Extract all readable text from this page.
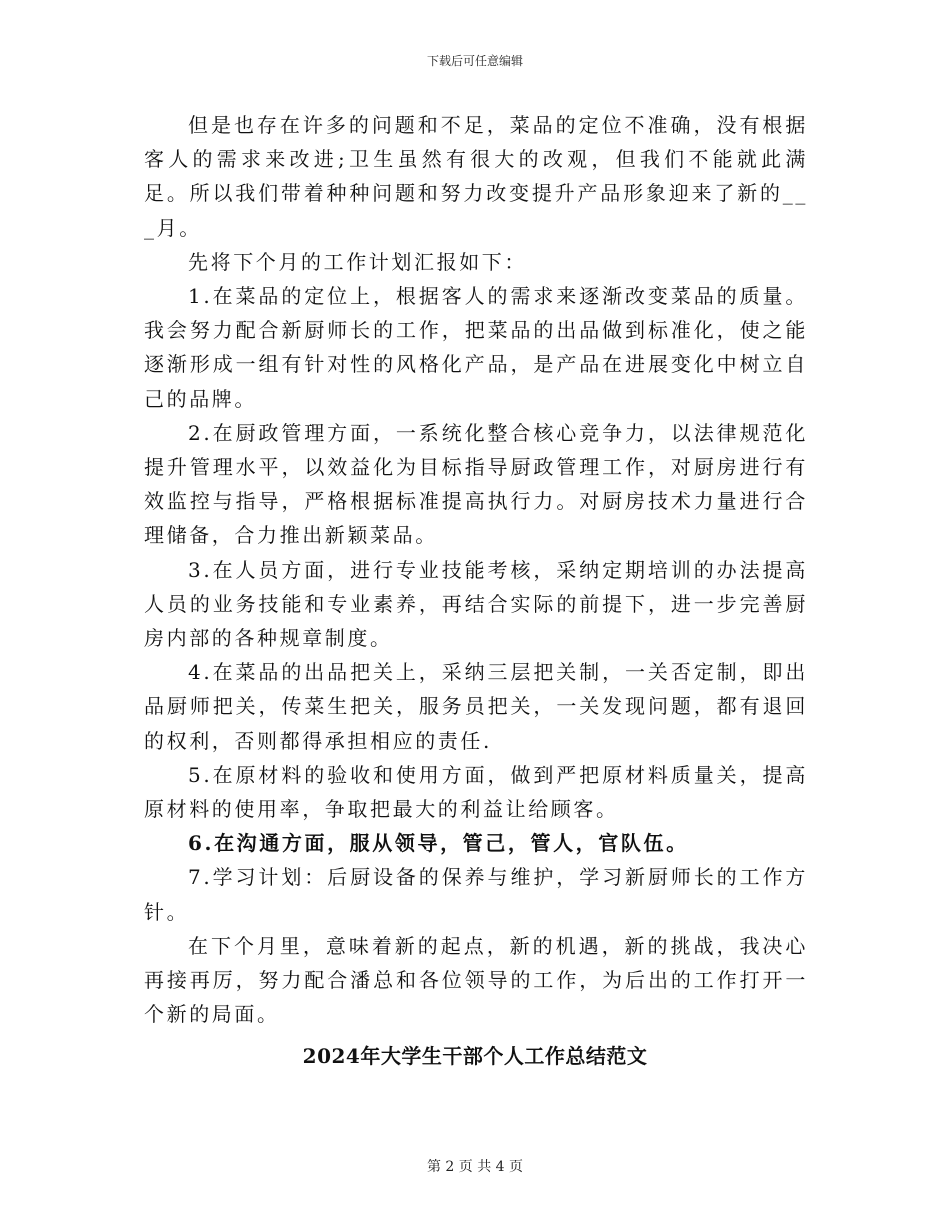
下载后可任意编辑

但是也存在许多的问题和不足，菜品的定位不准确，没有根据客人的需求来改进;卫生虽然有很大的改观，但我们不能就此满足。所以我们带着种种问题和努力改变提升产品形象迎来了新的___月。

先将下个月的工作计划汇报如下：

1.在菜品的定位上，根据客人的需求来逐渐改变菜品的质量。我会努力配合新厨师长的工作，把菜品的出品做到标准化，使之能逐渐形成一组有针对性的风格化产品，是产品在进展变化中树立自己的品牌。

2.在厨政管理方面，一系统化整合核心竞争力，以法律规范化提升管理水平，以效益化为目标指导厨政管理工作，对厨房进行有效监控与指导，严格根据标准提高执行力。对厨房技术力量进行合理储备，合力推出新颖菜品。

3.在人员方面，进行专业技能考核，采纳定期培训的办法提高人员的业务技能和专业素养，再结合实际的前提下，进一步完善厨房内部的各种规章制度。

4.在菜品的出品把关上，采纳三层把关制，一关否定制，即出品厨师把关，传菜生把关，服务员把关，一关发现问题，都有退回的权利，否则都得承担相应的责任.

5.在原材料的验收和使用方面，做到严把原材料质量关，提高原材料的使用率，争取把最大的利益让给顾客。

6.在沟通方面，服从领导，管己，管人，官队伍。

7.学习计划：后厨设备的保养与维护，学习新厨师长的工作方针。

在下个月里，意味着新的起点，新的机遇，新的挑战，我决心再接再厉，努力配合潘总和各位领导的工作，为后出的工作打开一个新的局面。

2024年大学生干部个人工作总结范文
第 2 页 共 4 页
